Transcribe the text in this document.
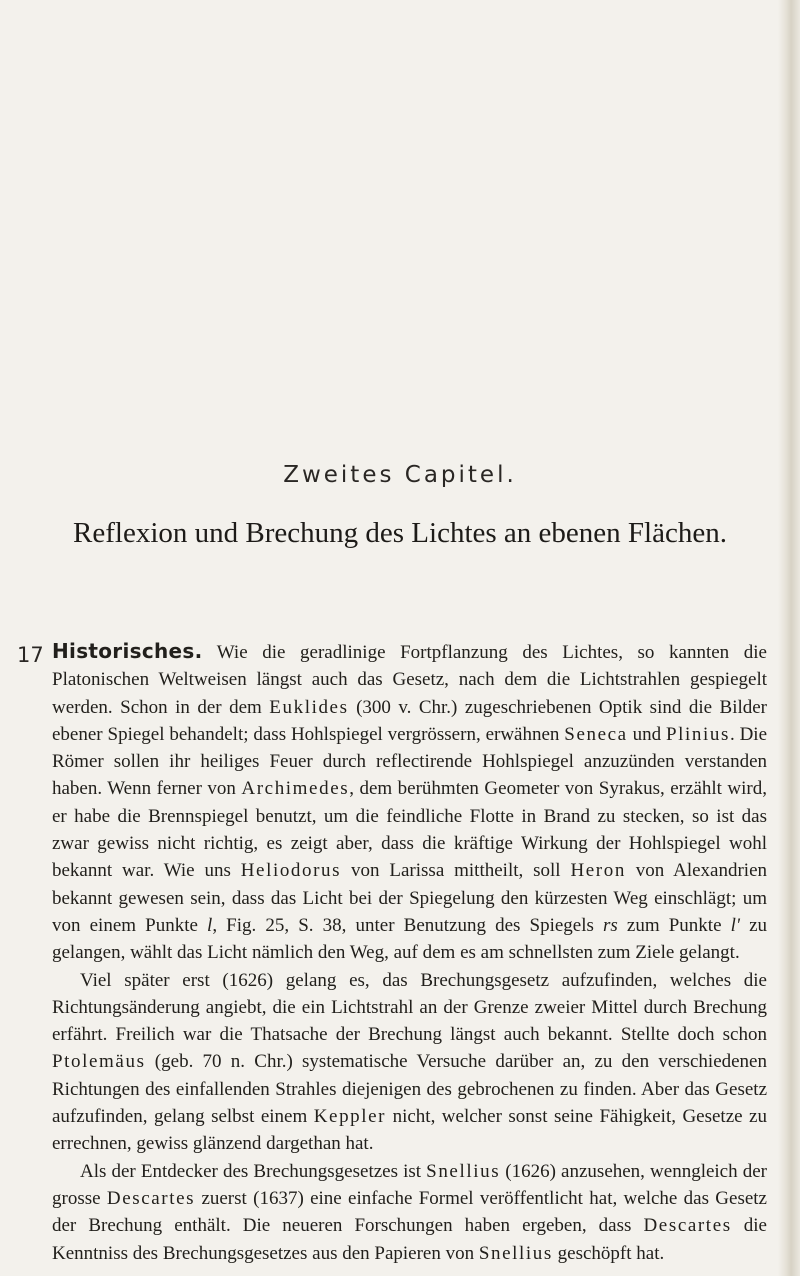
Zweites Capitel.
Reflexion und Brechung des Lichtes an ebenen Flächen.
17 Historisches. Wie die geradlinige Fortpflanzung des Lichtes, so kannten die Platonischen Weltweisen längst auch das Gesetz, nach dem die Lichtstrahlen gespiegelt werden. Schon in der dem Euklides (300 v. Chr.) zugeschriebenen Optik sind die Bilder ebener Spiegel behandelt; dass Hohlspiegel vergrössern, erwähnen Seneca und Plinius. Die Römer sollen ihr heiliges Feuer durch reflectirende Hohlspiegel anzuzünden verstanden haben. Wenn ferner von Archimedes, dem berühmten Geometer von Syrakus, erzählt wird, er habe die Brennspiegel benutzt, um die feindliche Flotte in Brand zu stecken, so ist das zwar gewiss nicht richtig, es zeigt aber, dass die kräftige Wirkung der Hohlspiegel wohl bekannt war. Wie uns Heliodorus von Larissa mittheilt, soll Heron von Alexandrien bekannt gewesen sein, dass das Licht bei der Spiegelung den kürzesten Weg einschlägt; um von einem Punkte l, Fig. 25, S. 38, unter Benutzung des Spiegels rs zum Punkte l' zu gelangen, wählt das Licht nämlich den Weg, auf dem es am schnellsten zum Ziele gelangt.

Viel später erst (1626) gelang es, das Brechungsgesetz aufzufinden, welches die Richtungsänderung angiebt, die ein Lichtstrahl an der Grenze zweier Mittel durch Brechung erfährt. Freilich war die Thatsache der Brechung längst auch bekannt. Stellte doch schon Ptolemäus (geb. 70 n. Chr.) systematische Versuche darüber an, zu den verschiedenen Richtungen des einfallenden Strahles diejenigen des gebrochenen zu finden. Aber das Gesetz aufzufinden, gelang selbst einem Keppler nicht, welcher sonst seine Fähigkeit, Gesetze zu errechnen, gewiss glänzend dargethan hat.

Als der Entdecker des Brechungsgesetzes ist Snellius (1626) anzusehen, wenngleich der grosse Descartes zuerst (1637) eine einfache Formel veröffentlicht hat, welche das Gesetz der Brechung enthält. Die neueren Forschungen haben ergeben, dass Descartes die Kenntniss des Brechungsgesetzes aus den Papieren von Snellius geschöpft hat.
